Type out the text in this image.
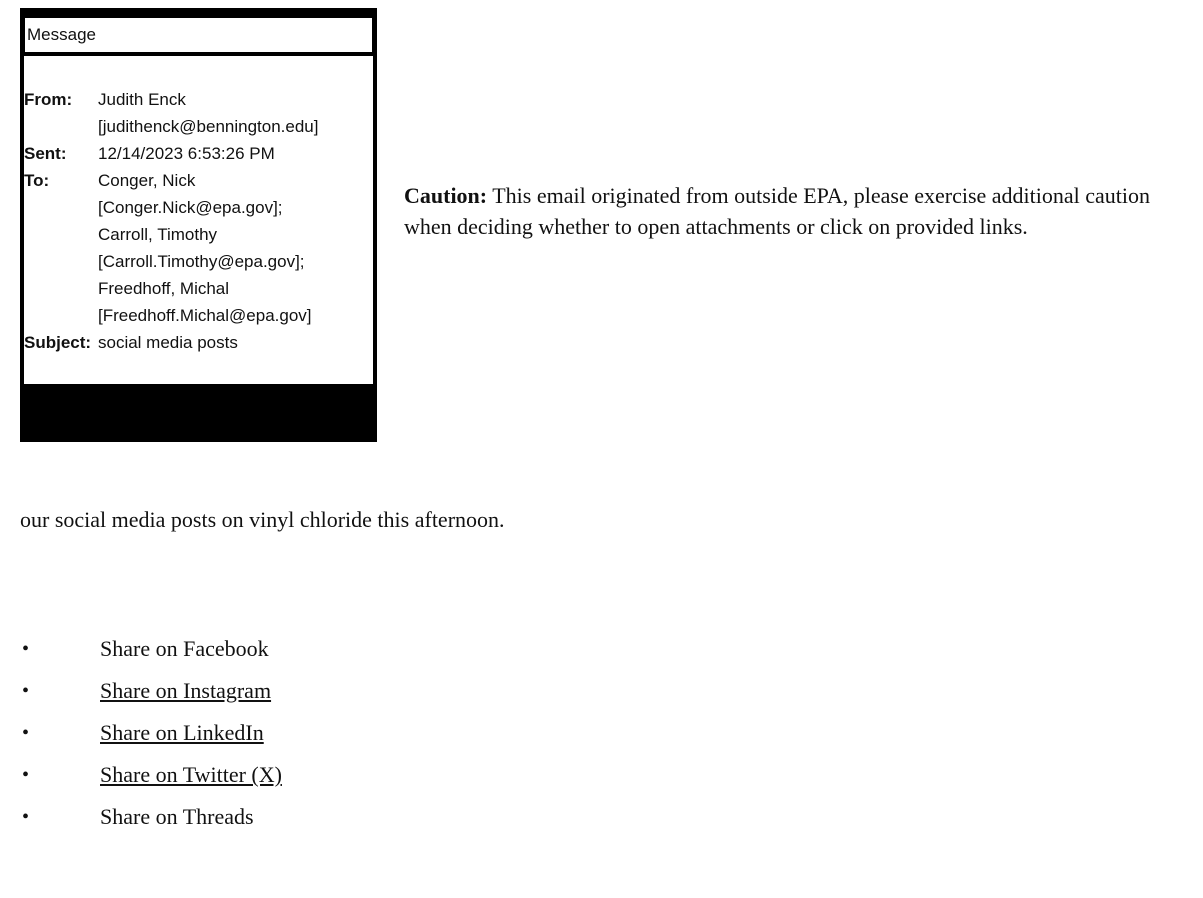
Message
From: Judith Enck
[judithenck@bennington.edu]
Sent: 12/14/2023 6:53:26 PM
To:	Conger, Nick
[Conger.Nick@epa.gov];
Carroll, Timothy
[Carroll.Timothy@epa.gov];
Freedhoff, Michal
[Freedhoff.Michal@epa.gov]
Subject: social media posts
Caution: This email originated from outside EPA, please exercise additional caution when deciding whether to open attachments or click on provided links.
our social media posts on vinyl chloride this afternoon.
•	Share on Facebook
•	Share on Instagram
•	Share on LinkedIn
•	Share on Twitter (X)
•	Share on Threads
